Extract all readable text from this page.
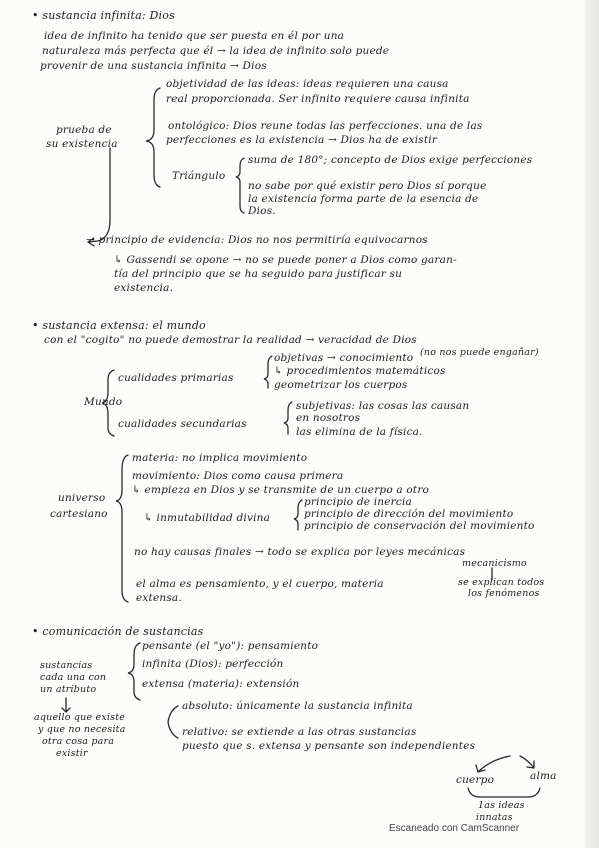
• sustancia infinita: Dios
idea de infinito ha tenido que ser puesta en él por una
naturaleza más perfecta que él → la idea de infinito solo puede
provenir de una sustancia infinita → Dios
prueba de
su existencia
objetividad de las ideas: ideas requieren una causa
real proporcionada. Ser infinito requiere causa infinita
ontológico: Dios reune todas las perfecciones. una de las
perfecciones es la existencia → Dios ha de existir
Triángulo
suma de 180°; concepto de Dios exige perfecciones
no sabe por qué existir pero Dios sí porque
la existencia forma parte de la esencia de
Dios.
→ principio de evidencia: Dios no nos permitiría equivocarnos
↳ Gassendi se opone → no se puede poner a Dios como garan-
tía del principio que se ha seguido para justificar su
existencia.
• sustancia extensa: el mundo
con el "cogito" no puede demostrar la realidad → veracidad de Dios
(no nos puede engañar)
Mundo
cualidades primarias
objetivas → conocimiento
↳ procedimientos matemáticos
geometrizar los cuerpos
cualidades secundarias
subjetivas: las cosas las causan
en nosotros
las elimina de la física.
universo
cartesiano
materia: no implica movimiento
movimiento: Dios como causa primera
↳ empieza en Dios y se transmite de un cuerpo a otro
↳ inmutabilidad divina
principio de inercia
principio de dirección del movimiento
principio de conservación del movimiento
no hay causas finales → todo se explica por leyes mecánicas
mecanicismo
se explican todos
los fenómenos
el alma es pensamiento, y el cuerpo, materia
extensa.
• comunicación de sustancias
sustancias
cada una con
un atributo
pensante (el "yo"): pensamiento
infinita (Dios): perfección
extensa (materia): extensión
aquello que existe
y que no necesita
otra cosa para
existir
absoluto: únicamente la sustancia infinita
relativo: se extiende a las otras sustancias
puesto que s. extensa y pensante son independientes
cuerpo	alma
1as ideas
innatas
Escaneado con CamScanner
